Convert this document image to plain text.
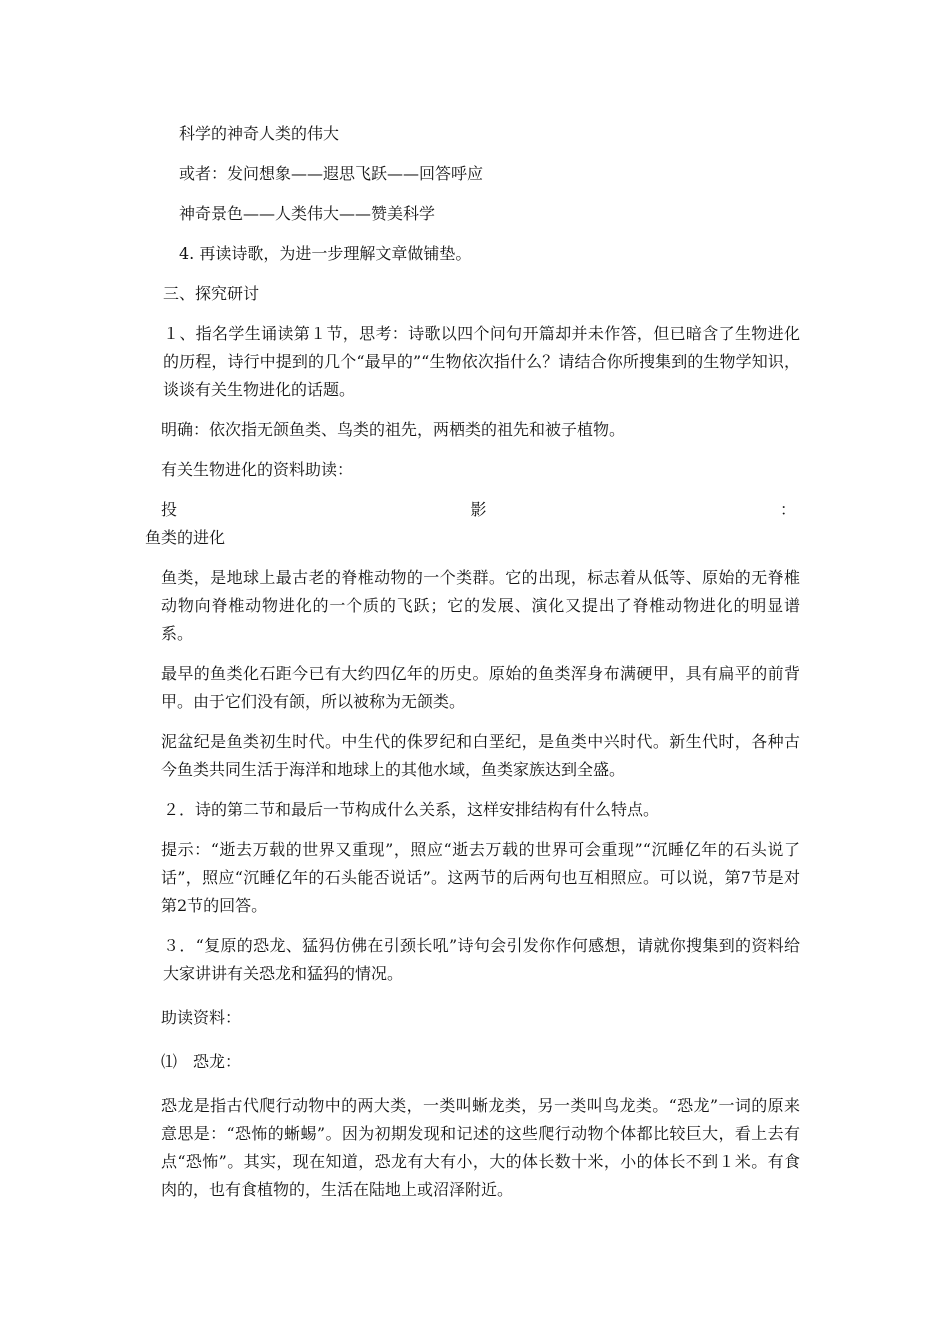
科学的神奇人类的伟大

或者：发问想象——遐思飞跃——回答呼应

神奇景色——人类伟大——赞美科学

4. 再读诗歌，为进一步理解文章做铺垫。

三、探究研讨

１、指名学生诵读第１节，思考：诗歌以四个问句开篇却并未作答，但已暗含了生物进化的历程，诗行中提到的几个“最早的”“生物依次指什么？请结合你所搜集到的生物学知识，谈谈有关生物进化的话题。

明确：依次指无颌鱼类、鸟类的祖先，两栖类的祖先和被子植物。

有关生物进化的资料助读：

投	影	：

鱼类的进化

鱼类，是地球上最古老的脊椎动物的一个类群。它的出现，标志着从低等、原始的无脊椎动物向脊椎动物进化的一个质的飞跃；它的发展、演化又提出了脊椎动物进化的明显谱系。

最早的鱼类化石距今已有大约四亿年的历史。原始的鱼类浑身布满硬甲，具有扁平的前背甲。由于它们没有颌，所以被称为无颌类。

泥盆纪是鱼类初生时代。中生代的侏罗纪和白垩纪，是鱼类中兴时代。新生代时，各种古今鱼类共同生活于海洋和地球上的其他水域，鱼类家族达到全盛。

２．诗的第二节和最后一节构成什么关系，这样安排结构有什么特点。

提示：“逝去万载的世界又重现”，照应“逝去万载的世界可会重现”“沉睡亿年的石头说了话”，照应“沉睡亿年的石头能否说话”。这两节的后两句也互相照应。可以说，第7节是对第2节的回答。

３．“复原的恐龙、猛犸仿佛在引颈长吼”诗句会引发你作何感想，请就你搜集到的资料给大家讲讲有关恐龙和猛犸的情况。

助读资料：

⑴　恐龙：

恐龙是指古代爬行动物中的两大类，一类叫蜥龙类，另一类叫鸟龙类。“恐龙”一词的原来意思是：“恐怖的蜥蜴”。因为初期发现和记述的这些爬行动物个体都比较巨大，看上去有点“恐怖”。其实，现在知道，恐龙有大有小，大的体长数十米，小的体长不到１米。有食肉的，也有食植物的，生活在陆地上或沼泽附近。
